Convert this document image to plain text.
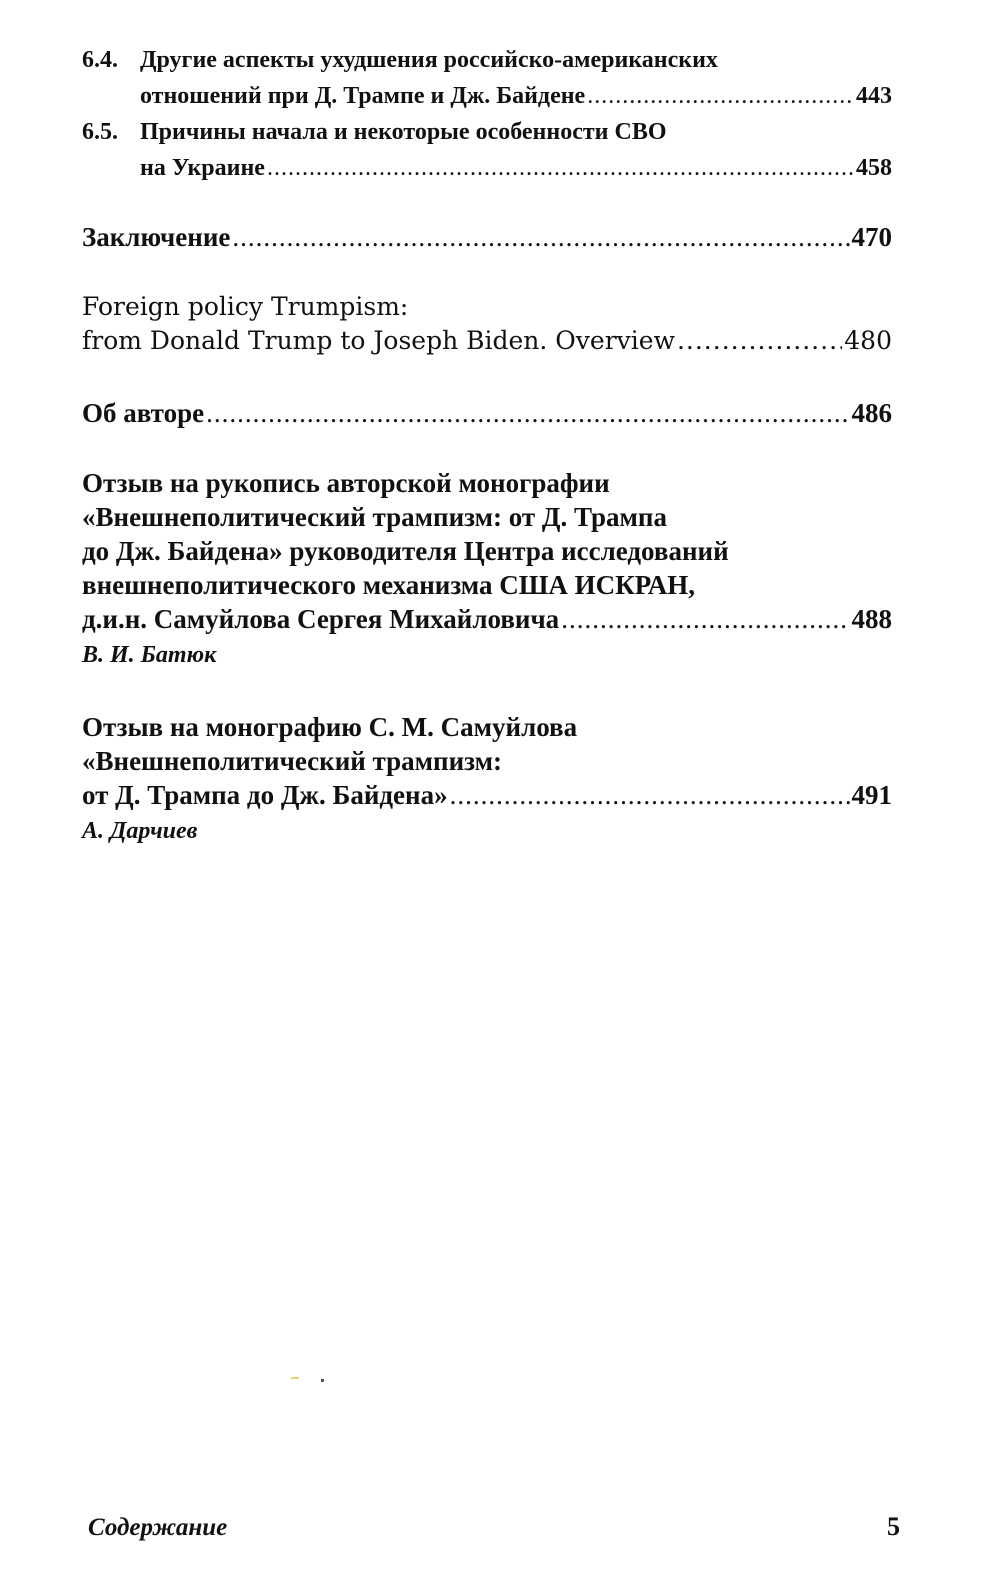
6.4. Другие аспекты ухудшения российско-американских
отношений при Д. Трампе и Дж. Байдене .....	443
6.5. Причины начала и некоторые особенности СВО
на Украине .....	458
Заключение .....	470
Foreign policy Trumpism:
from Donald Trump to Joseph Biden. Overview .....	480
Об авторе .....	486
Отзыв на рукопись авторской монографии
«Внешнеполитический трампизм: от Д. Трампа
до Дж. Байдена» руководителя Центра исследований
внешнеполитического механизма США ИСКРАН,
д.и.н. Самуйлова Сергея Михайловича .....	488
В. И. Батюк
Отзыв на монографию С. М. Самуйлова
«Внешнеполитический трампизм:
от Д. Трампа до Дж. Байдена» .....	491
А. Дарчиев
Содержание	5
